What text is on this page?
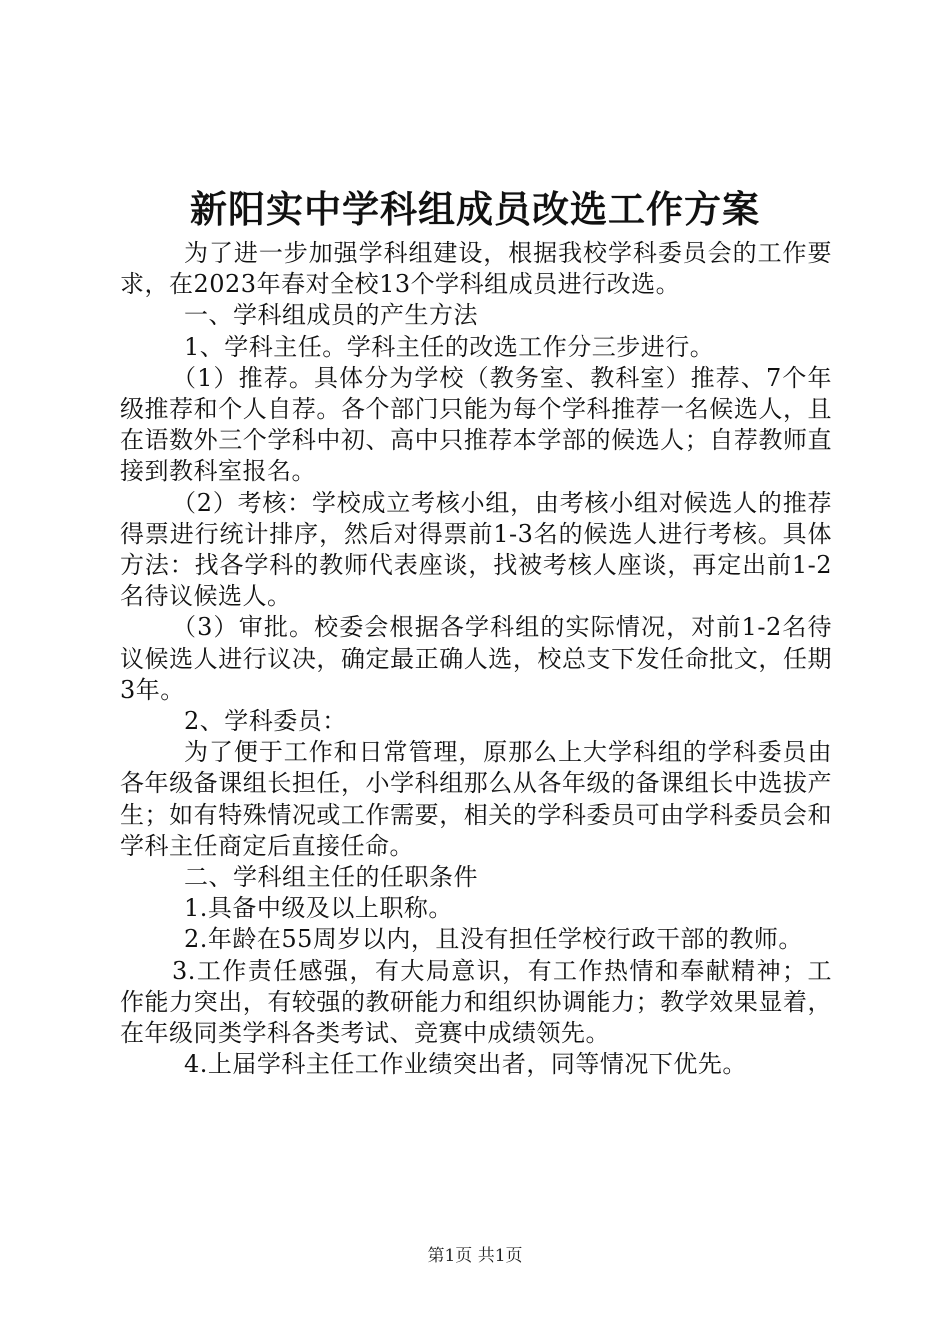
新阳实中学科组成员改选工作方案

为了进一步加强学科组建设，根据我校学科委员会的工作要求，在2023年春对全校13个学科组成员进行改选。

一、学科组成员的产生方法

1、学科主任。学科主任的改选工作分三步进行。

（1）推荐。具体分为学校（教务室、教科室）推荐、7个年级推荐和个人自荐。各个部门只能为每个学科推荐一名候选人，且在语数外三个学科中初、高中只推荐本学部的候选人；自荐教师直接到教科室报名。

（2）考核：学校成立考核小组，由考核小组对候选人的推荐得票进行统计排序，然后对得票前1-3名的候选人进行考核。具体方法：找各学科的教师代表座谈，找被考核人座谈，再定出前1-2名待议候选人。

（3）审批。校委会根据各学科组的实际情况，对前1-2名待议候选人进行议决，确定最正确人选，校总支下发任命批文，任期3年。

2、学科委员：

为了便于工作和日常管理，原那么上大学科组的学科委员由各年级备课组长担任，小学科组那么从各年级的备课组长中选拔产生；如有特殊情况或工作需要，相关的学科委员可由学科委员会和学科主任商定后直接任命。

二、学科组主任的任职条件

1.具备中级及以上职称。

2.年龄在55周岁以内，且没有担任学校行政干部的教师。

3.工作责任感强，有大局意识，有工作热情和奉献精神；工作能力突出，有较强的教研能力和组织协调能力；教学效果显着，在年级同类学科各类考试、竞赛中成绩领先。

4.上届学科主任工作业绩突出者，同等情况下优先。

第1页 共1页
